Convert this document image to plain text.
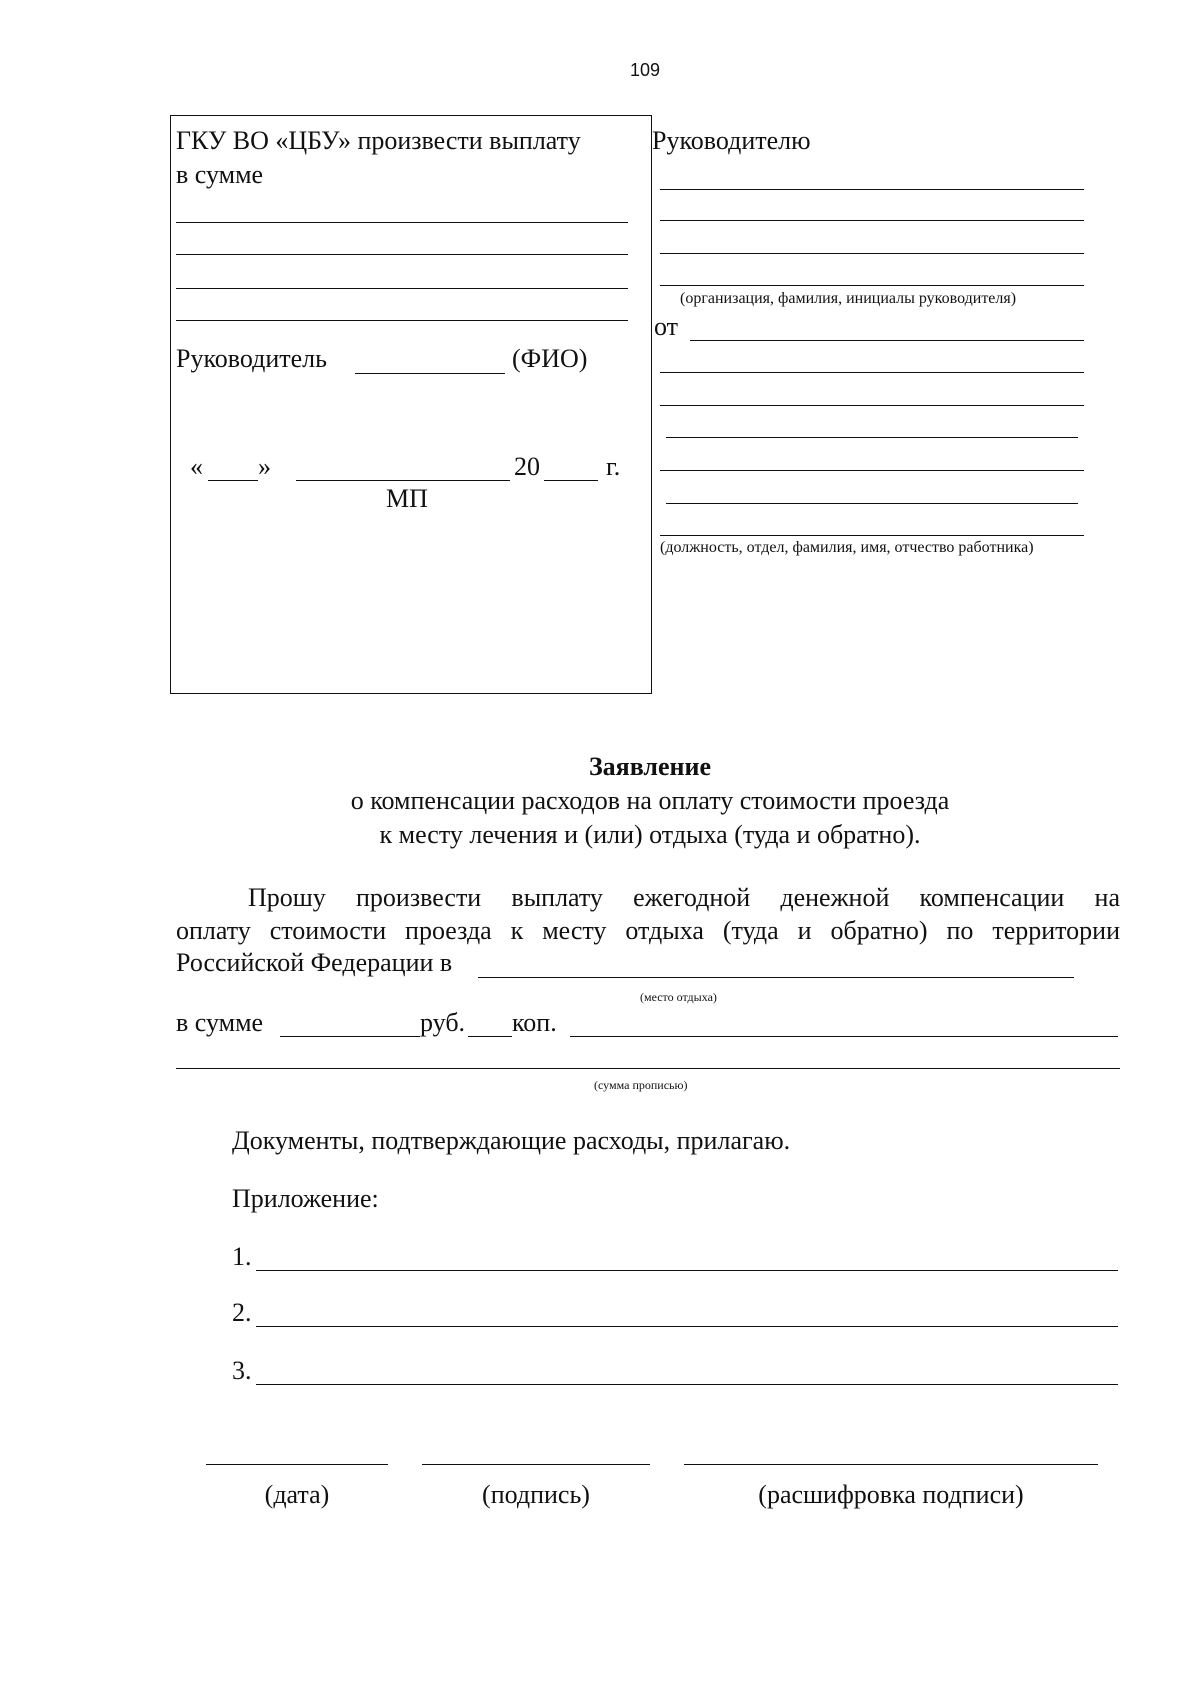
109
ГКУ ВО «ЦБУ» произвести выплату
в сумме
Руководитель	(ФИО)
« »	20	г.
МП
Руководителю
(организация, фамилия, инициалы руководителя)
от
(должность, отдел, фамилия, имя, отчество работника)
Заявление
о компенсации расходов на оплату стоимости проезда
к месту лечения и (или) отдыха (туда и обратно).
Прошу произвести выплату ежегодной денежной компенсации на
оплату стоимости проезда к месту отдыха (туда и обратно) по территории
Российской Федерации в
(место отдыха)
в сумме	руб. коп.
(сумма прописью)
Документы, подтверждающие расходы, прилагаю.
Приложение:
1.
2.
3.
(дата)	(подпись)	(расшифровка подписи)
